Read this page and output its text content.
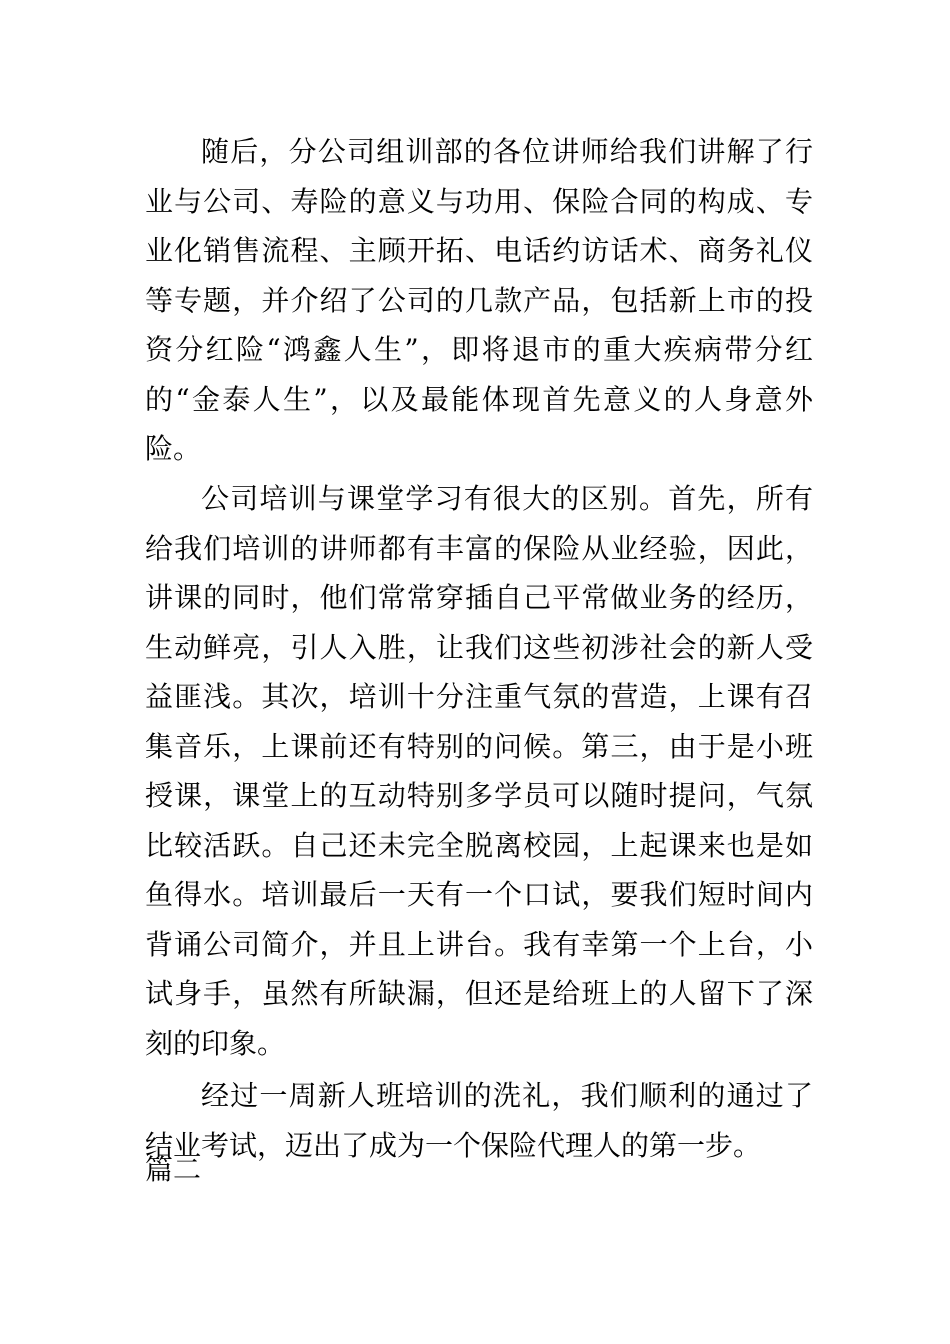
随后，分公司组训部的各位讲师给我们讲解了行业与公司、寿险的意义与功用、保险合同的构成、专业化销售流程、主顾开拓、电话约访话术、商务礼仪等专题，并介绍了公司的几款产品，包括新上市的投资分红险“鸿鑫人生”，即将退市的重大疾病带分红的“金泰人生”，以及最能体现首先意义的人身意外险。

公司培训与课堂学习有很大的区别。首先，所有给我们培训的讲师都有丰富的保险从业经验，因此，讲课的同时，他们常常穿插自己平常做业务的经历，生动鲜亮，引人入胜，让我们这些初涉社会的新人受益匪浅。其次，培训十分注重气氛的营造，上课有召集音乐，上课前还有特别的问候。第三，由于是小班授课，课堂上的互动特别多学员可以随时提问，气氛比较活跃。自己还未完全脱离校园，上起课来也是如鱼得水。培训最后一天有一个口试，要我们短时间内背诵公司简介，并且上讲台。我有幸第一个上台，小试身手，虽然有所缺漏，但还是给班上的人留下了深刻的印象。

经过一周新人班培训的洗礼，我们顺利的通过了结业考试，迈出了成为一个保险代理人的第一步。

篇二
